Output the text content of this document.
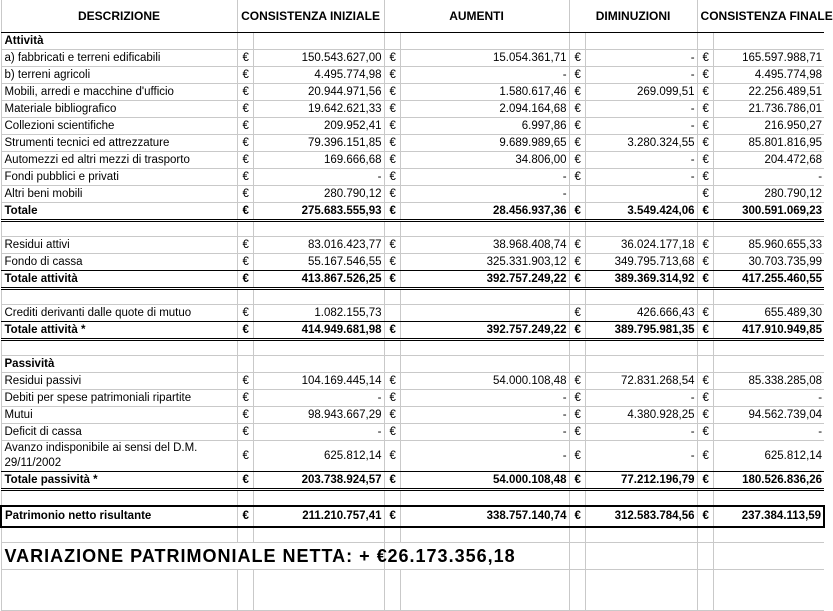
DESCRIZIONE	CONSISTENZA INIZIALE		AUMENTI		DIMINUZIONI		CONSISTENZA FINALE	
Attività								
a) fabbricati e terreni edificabili	€	150.543.627,00	€	15.054.361,71	€	-	€	165.597.988,71
b) terreni agricoli	€	4.495.774,98	€	-	€	-	€	4.495.774,98
Mobili, arredi e macchine d'ufficio	€	20.944.971,56	€	1.580.617,46	€	269.099,51	€	22.256.489,51
Materiale bibliografico	€	19.642.621,33	€	2.094.164,68	€	-	€	21.736.786,01
Collezioni scientifiche	€	209.952,41	€	6.997,86	€	-	€	216.950,27
Strumenti tecnici ed attrezzature	€	79.396.151,85	€	9.689.989,65	€	3.280.324,55	€	85.801.816,95
Automezzi ed altri mezzi di trasporto	€	169.666,68	€	34.806,00	€	-	€	204.472,68
Fondi pubblici e privati	€	-	€	-	€	-	€	-
Altri beni mobili	€	280.790,12	€	-			€	280.790,12
Totale	€	275.683.555,93	€	28.456.937,36	€	3.549.424,06	€	300.591.069,23

Residui attivi	€	83.016.423,77	€	38.968.408,74	€	36.024.177,18	€	85.960.655,33
Fondo di cassa	€	55.167.546,55	€	325.331.903,12	€	349.795.713,68	€	30.703.735,99
Totale attività	€	413.867.526,25	€	392.757.249,22	€	389.369.314,92	€	417.255.460,55

Crediti derivanti dalle quote di mutuo	€	1.082.155,73			€	426.666,43	€	655.489,30
Totale attività *	€	414.949.681,98	€	392.757.249,22	€	389.795.981,35	€	417.910.949,85

Passività								
Residui passivi	€	104.169.445,14	€	54.000.108,48	€	72.831.268,54	€	85.338.285,08
Debiti per spese patrimoniali ripartite	€	-	€	-	€	-	€	-
Mutui	€	98.943.667,29	€	-	€	4.380.928,25	€	94.562.739,04
Deficit di cassa	€	-	€	-	€	-	€	-
Avanzo indisponibile ai sensi del D.M. 29/11/2002	€	625.812,14	€	-	€	-	€	625.812,14
Totale passività *	€	203.738.924,57	€	54.000.108,48	€	77.212.196,79	€	180.526.836,26

Patrimonio netto risultante	€	211.210.757,41	€	338.757.140,74	€	312.583.784,56	€	237.384.113,59

VARIAZIONE PATRIMONIALE NETTA: + €			26.173.356,18					
